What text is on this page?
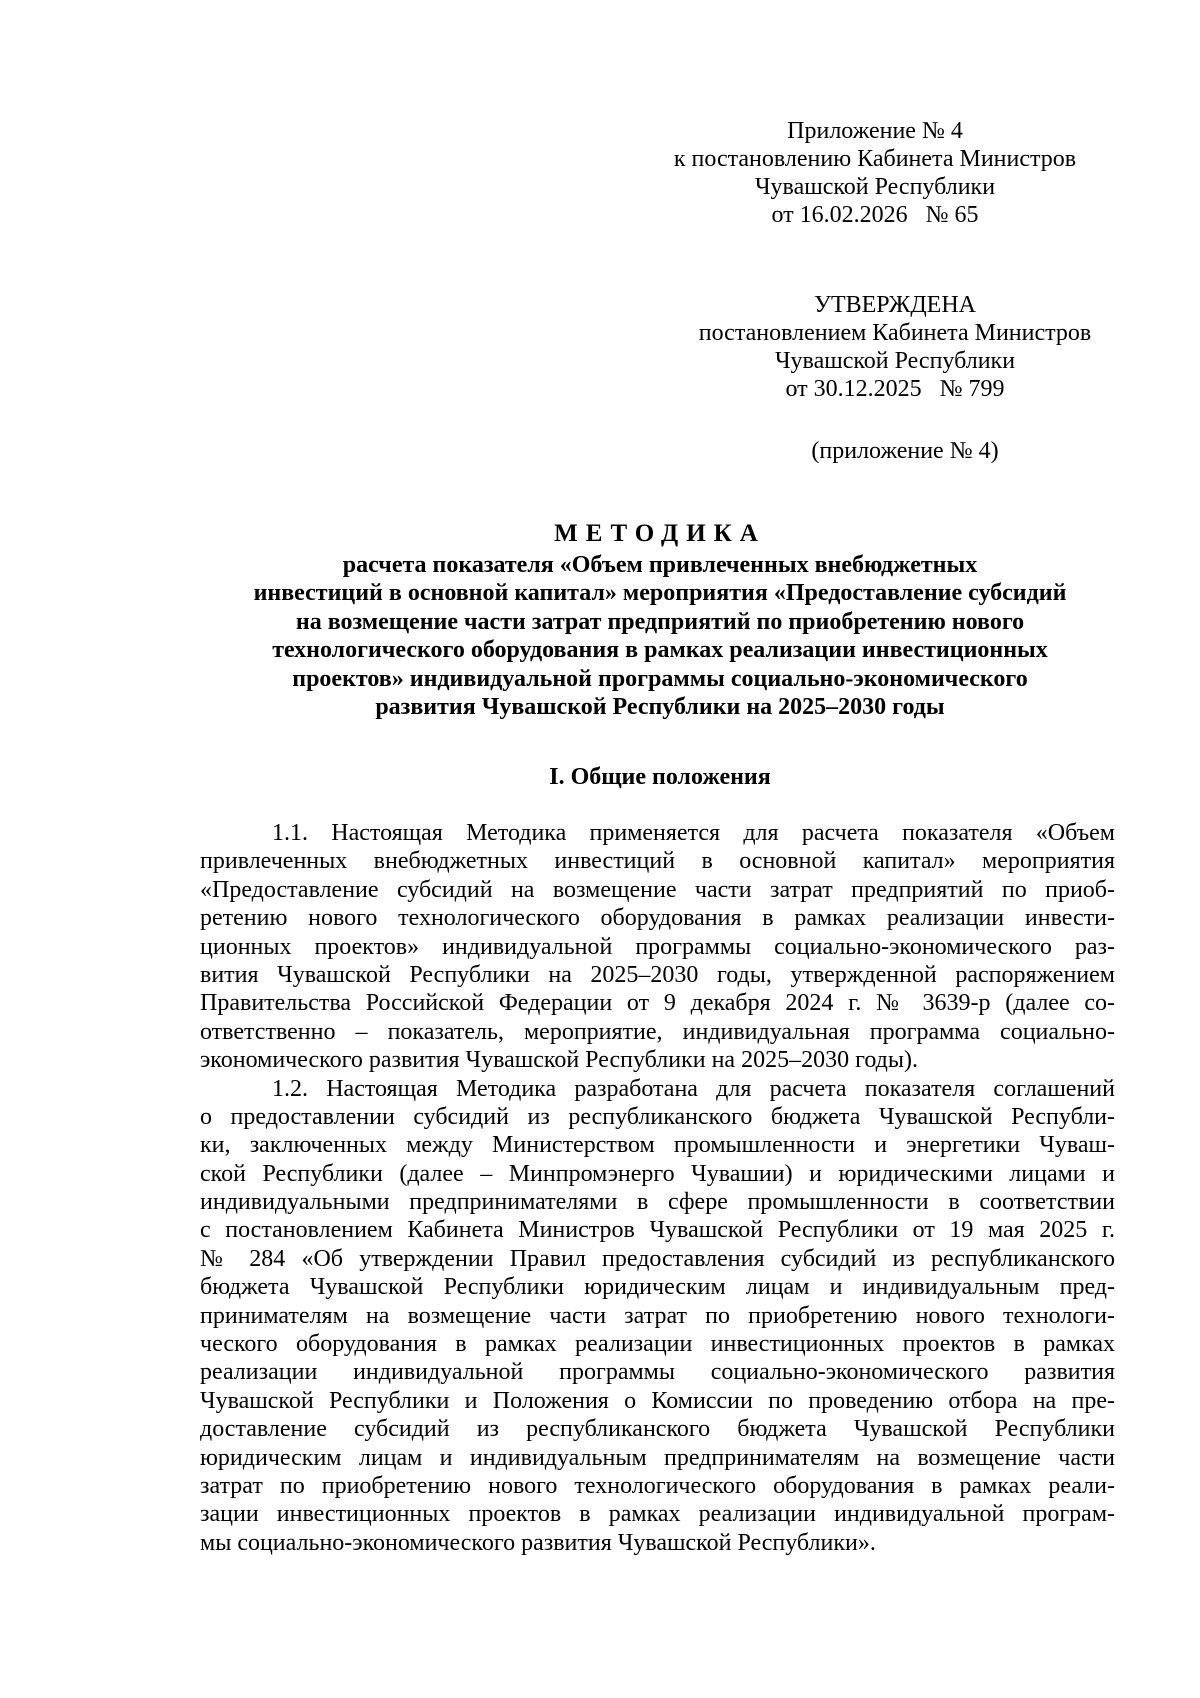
Приложение № 4
к постановлению Кабинета Министров
Чувашской Республики
от 16.02.2026   № 65
УТВЕРЖДЕНА
постановлением Кабинета Министров
Чувашской Республики
от 30.12.2025   № 799
(приложение № 4)
МЕТОДИКА
расчета показателя «Объем привлеченных внебюджетных
инвестиций в основной капитал» мероприятия «Предоставление субсидий
на возмещение части затрат предприятий по приобретению нового
технологического оборудования в рамках реализации инвестиционных
проектов» индивидуальной программы социально-экономического
развития Чувашской Республики на 2025–2030 годы
I. Общие положения
1.1. Настоящая Методика применяется для расчета показателя «Объем
привлеченных внебюджетных инвестиций в основной капитал» мероприятия
«Предоставление субсидий на возмещение части затрат предприятий по приоб-
ретению нового технологического оборудования в рамках реализации инвести-
ционных проектов» индивидуальной программы социально-экономического раз-
вития Чувашской Республики на 2025–2030 годы, утвержденной распоряжением
Правительства Российской Федерации от 9 декабря 2024 г. № 3639-р (далее со-
ответственно – показатель, мероприятие, индивидуальная программа социально-
экономического развития Чувашской Республики на 2025–2030 годы).
1.2. Настоящая Методика разработана для расчета показателя соглашений
о предоставлении субсидий из республиканского бюджета Чувашской Республи-
ки, заключенных между Министерством промышленности и энергетики Чуваш-
ской Республики (далее – Минпромэнерго Чувашии) и юридическими лицами и
индивидуальными предпринимателями в сфере промышленности в соответствии
с постановлением Кабинета Министров Чувашской Республики от 19 мая 2025 г.
№ 284 «Об утверждении Правил предоставления субсидий из республиканского
бюджета Чувашской Республики юридическим лицам и индивидуальным пред-
принимателям на возмещение части затрат по приобретению нового технологи-
ческого оборудования в рамках реализации инвестиционных проектов в рамках
реализации индивидуальной программы социально-экономического развития
Чувашской Республики и Положения о Комиссии по проведению отбора на пре-
доставление субсидий из республиканского бюджета Чувашской Республики
юридическим лицам и индивидуальным предпринимателям на возмещение части
затрат по приобретению нового технологического оборудования в рамках реали-
зации инвестиционных проектов в рамках реализации индивидуальной програм-
мы социально-экономического развития Чувашской Республики».
